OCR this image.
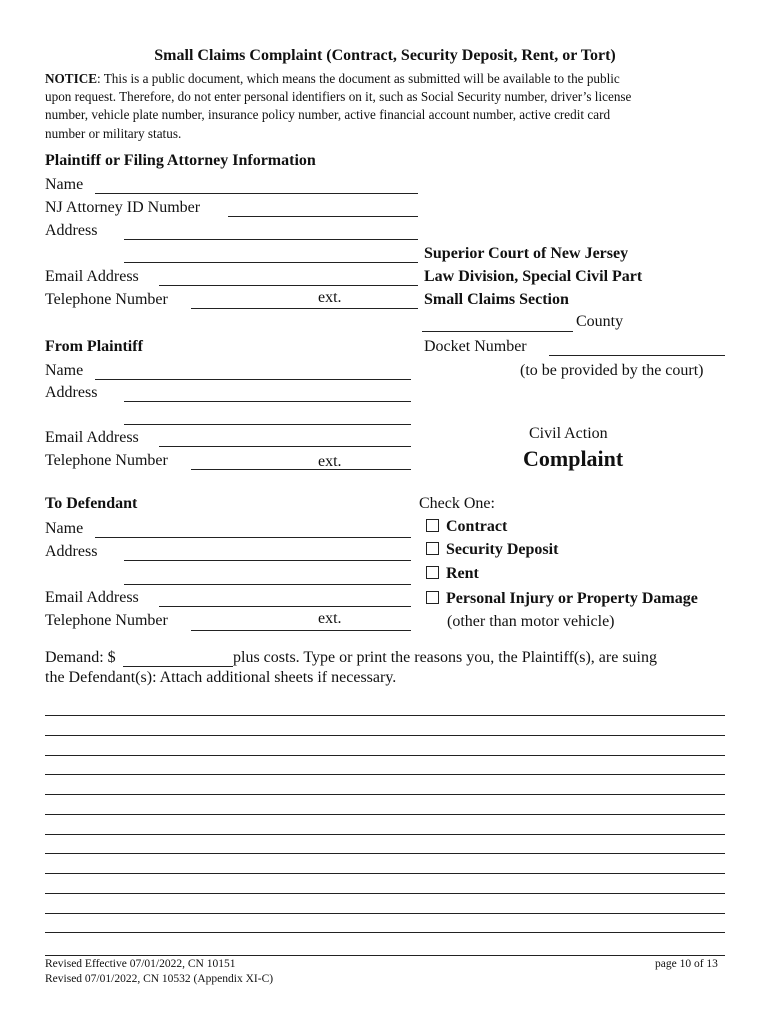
Small Claims Complaint (Contract, Security Deposit, Rent, or Tort)
NOTICE: This is a public document, which means the document as submitted will be available to the public
upon request. Therefore, do not enter personal identifiers on it, such as Social Security number, driver’s license
number, vehicle plate number, insurance policy number, active financial account number, active credit card
number or military status.
Plaintiff or Filing Attorney Information
Name
NJ Attorney ID Number
Address
Email Address
Telephone Number	ext.
Superior Court of New Jersey
Law Division, Special Civil Part
Small Claims Section
County
Docket Number
(to be provided by the court)
Civil Action
Complaint
From Plaintiff
Name
Address
Email Address
Telephone Number	ext.
To Defendant
Name
Address
Email Address
Telephone Number	ext.
Check One:
Contract
Security Deposit
Rent
Personal Injury or Property Damage
(other than motor vehicle)
Demand: $	plus costs. Type or print the reasons you, the Plaintiff(s), are suing
the Defendant(s): Attach additional sheets if necessary.
Revised Effective 07/01/2022, CN 10151
Revised 07/01/2022, CN 10532 (Appendix XI-C)
page 10 of 13
